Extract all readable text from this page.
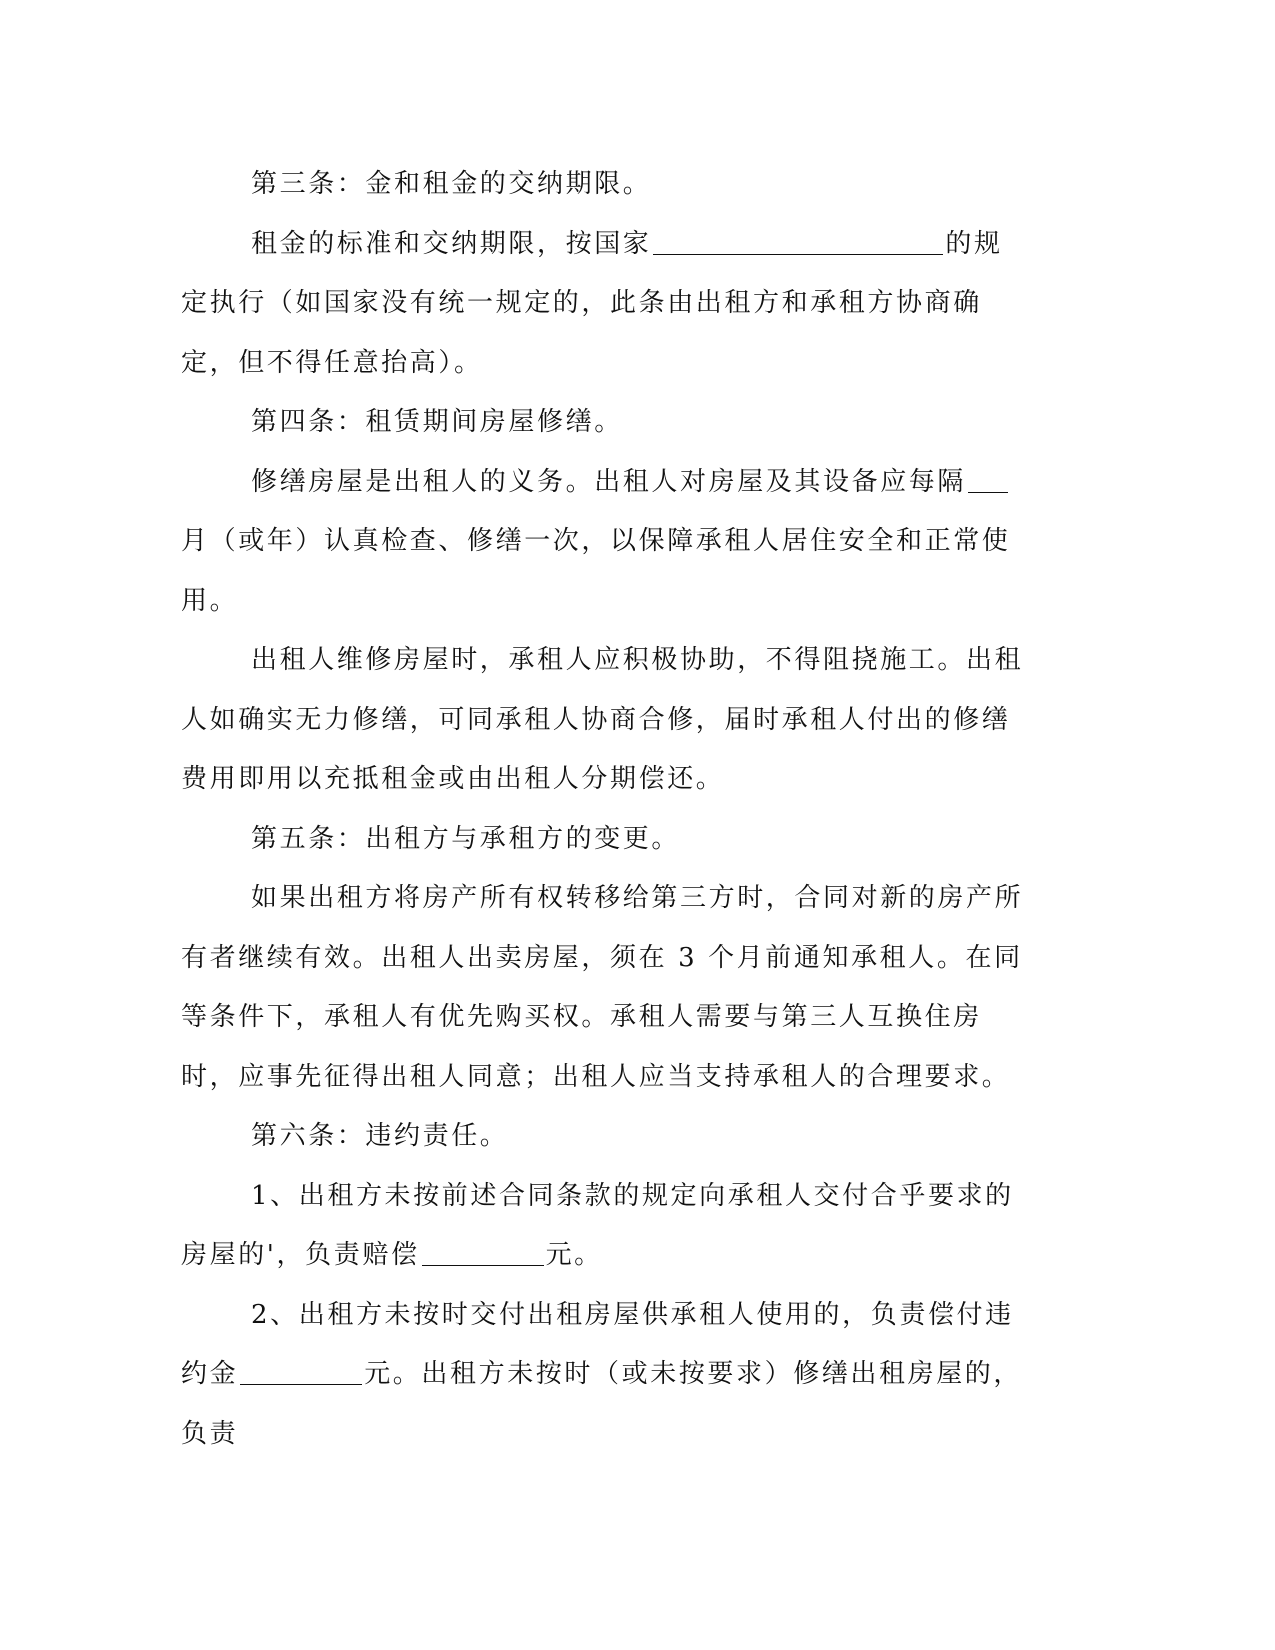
第三条：金和租金的交纳期限。

租金的标准和交纳期限，按国家	的规定执行（如国家没有统一规定的，此条由出租方和承租方协商确定，但不得任意抬高）。

第四条：租赁期间房屋修缮。

修缮房屋是出租人的义务。出租人对房屋及其设备应每隔月（或年）认真检查、修缮一次，以保障承租人居住安全和正常使用。

出租人维修房屋时，承租人应积极协助，不得阻挠施工。出租人如确实无力修缮，可同承租人协商合修，届时承租人付出的修缮费用即用以充抵租金或由出租人分期偿还。

第五条：出租方与承租方的变更。

如果出租方将房产所有权转移给第三方时，合同对新的房产所有者继续有效。出租人出卖房屋，须在 3 个月前通知承租人。在同等条件下，承租人有优先购买权。承租人需要与第三人互换住房时，应事先征得出租人同意；出租人应当支持承租人的合理要求。

第六条：违约责任。

1、出租方未按前述合同条款的规定向承租人交付合乎要求的房屋的'，负责赔偿	元。

2、出租方未按时交付出租房屋供承租人使用的，负责偿付违约金	元。出租方未按时（或未按要求）修缮出租房屋的，负责
